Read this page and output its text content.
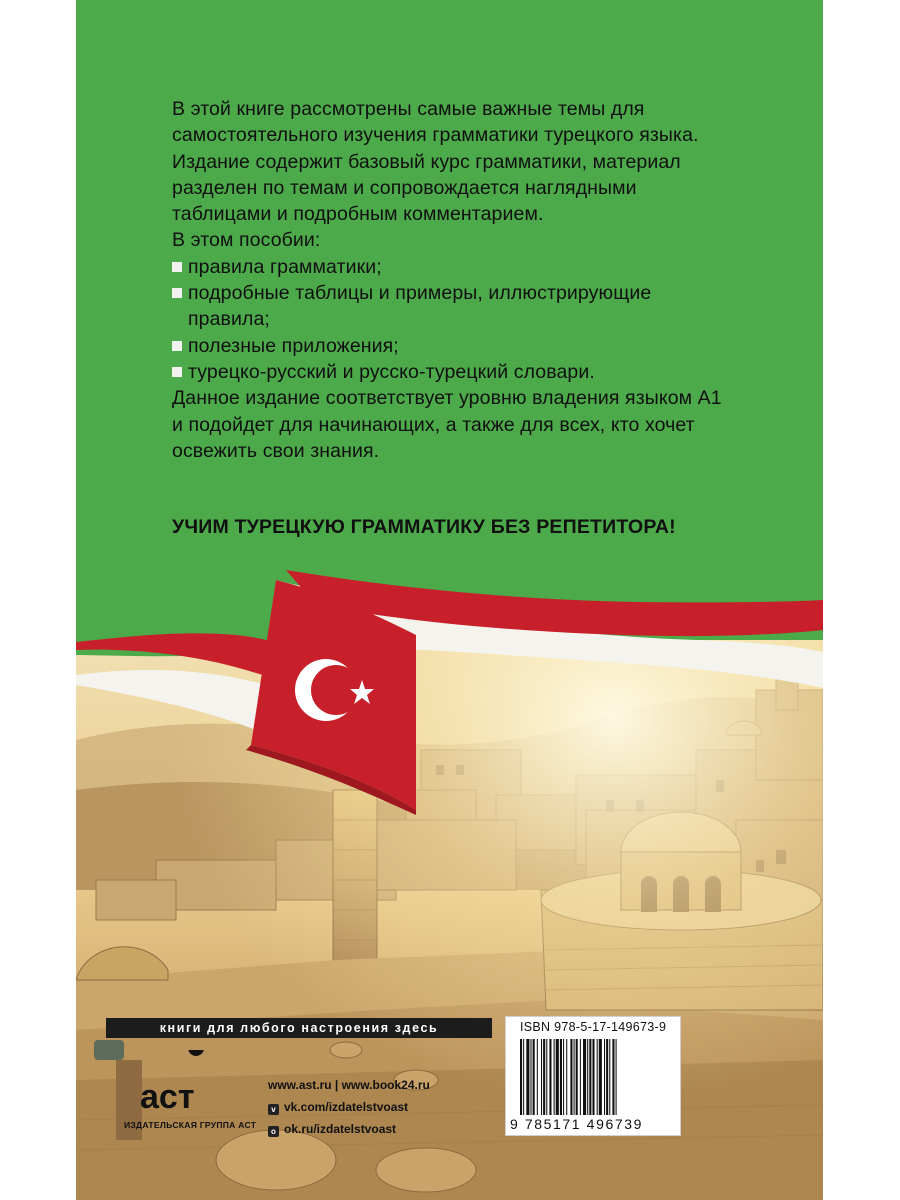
В этой книге рассмотрены самые важные темы для самостоятельного изучения грамматики турецкого языка. Издание содержит базовый курс грамматики, материал разделен по темам и сопровождается наглядными таблицами и подробным комментарием.

В этом пособии:

правила грамматики;
подробные таблицы и примеры, иллюстрирующие правила;
полезные приложения;
турецко-русский и русско-турецкий словари.

Данное издание соответствует уровню владения языком A1 и подойдет для начинающих, а также для всех, кто хочет освежить свои знания.

УЧИМ ТУРЕЦКУЮ ГРАММАТИКУ БЕЗ РЕПЕТИТОРА!
книги для любого настроения здесь	ISBN 978-5-17-149673-9
9 785171 496739
аст
ИЗДАТЕЛЬСКАЯ ГРУППА АСТ
www.ast.ru | www.book24.ru
v vk.com/izdatelstvoast
o ok.ru/izdatelstvoast
